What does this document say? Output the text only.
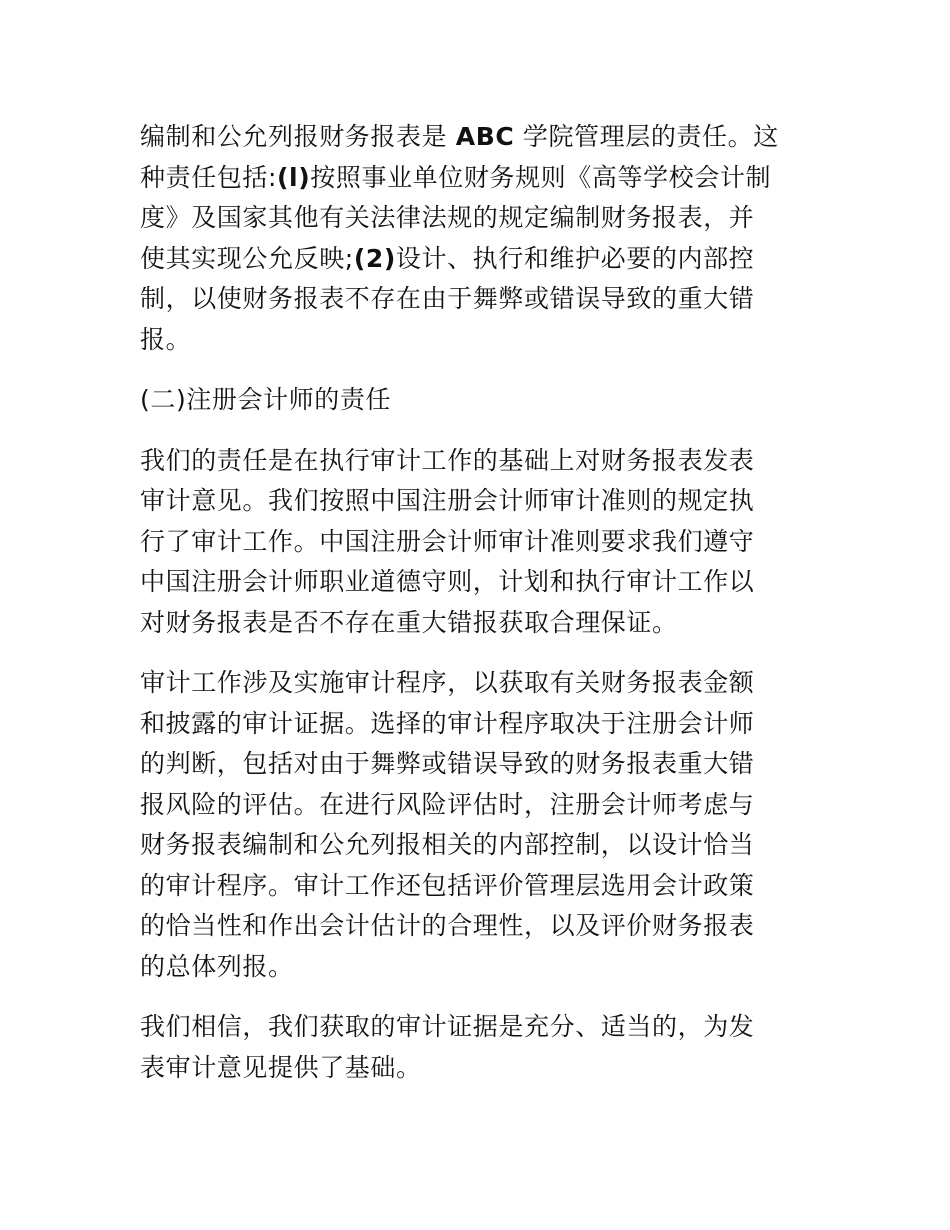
编制和公允列报财务报表是 ABC 学院管理层的责任。这
种责任包括:(l)按照事业单位财务规则《高等学校会计制
度》及国家其他有关法律法规的规定编制财务报表，并
使其实现公允反映;(2)设计、执行和维护必要的内部控
制，以使财务报表不存在由于舞弊或错误导致的重大错
报。
(二)注册会计师的责任
我们的责任是在执行审计工作的基础上对财务报表发表
审计意见。我们按照中国注册会计师审计准则的规定执
行了审计工作。中国注册会计师审计准则要求我们遵守
中国注册会计师职业道德守则，计划和执行审计工作以
对财务报表是否不存在重大错报获取合理保证。
审计工作涉及实施审计程序，以获取有关财务报表金额
和披露的审计证据。选择的审计程序取决于注册会计师
的判断，包括对由于舞弊或错误导致的财务报表重大错
报风险的评估。在进行风险评估时，注册会计师考虑与
财务报表编制和公允列报相关的内部控制，以设计恰当
的审计程序。审计工作还包括评价管理层选用会计政策
的恰当性和作出会计估计的合理性，以及评价财务报表
的总体列报。
我们相信，我们获取的审计证据是充分、适当的，为发
表审计意见提供了基础。
